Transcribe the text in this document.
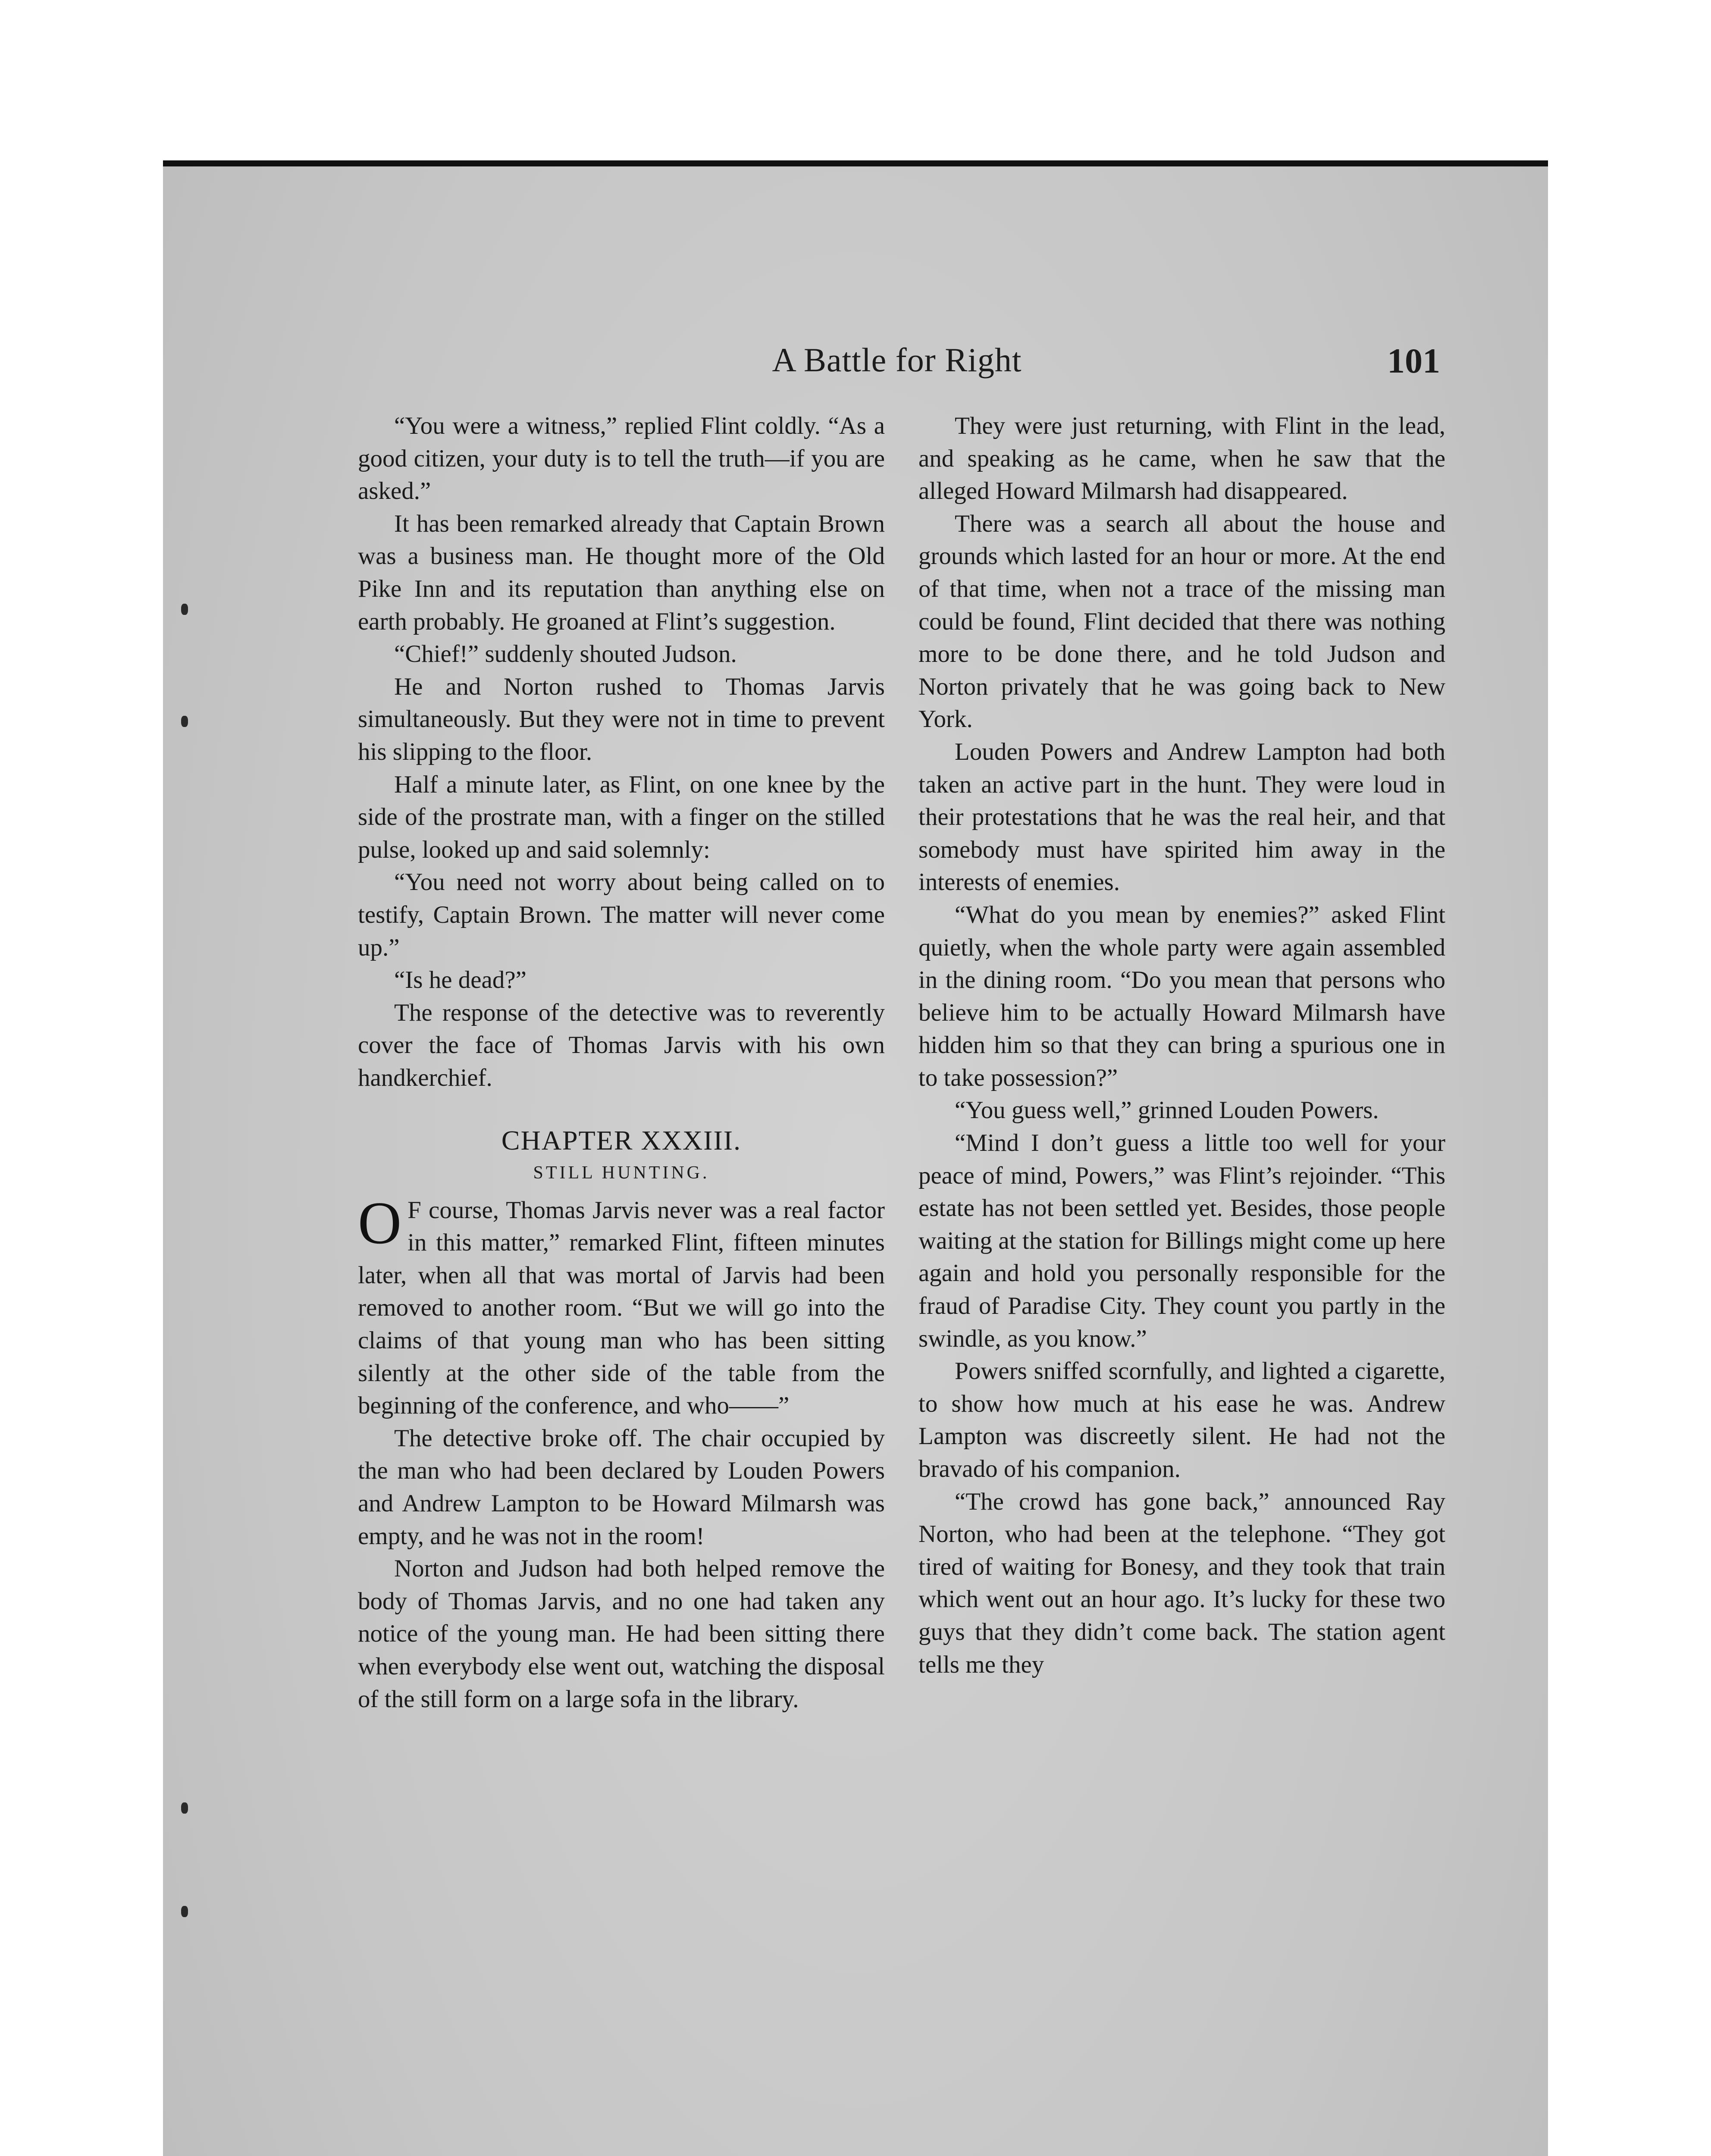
A Battle for Right	101

“You were a witness,” replied Flint coldly. “As a good citizen, your duty is to tell the truth—if you are asked.”

It has been remarked already that Captain Brown was a business man. He thought more of the Old Pike Inn and its reputation than anything else on earth probably. He groaned at Flint’s suggestion.

“Chief!” suddenly shouted Judson.

He and Norton rushed to Thomas Jarvis simultaneously. But they were not in time to prevent his slipping to the floor.

Half a minute later, as Flint, on one knee by the side of the prostrate man, with a finger on the stilled pulse, looked up and said solemnly:

“You need not worry about being called on to testify, Captain Brown. The matter will never come up.”

“Is he dead?”

The response of the detective was to reverently cover the face of Thomas Jarvis with his own handkerchief.

CHAPTER XXXIII.

STILL HUNTING.

O F course, Thomas Jarvis never was a real factor in this matter,” remarked Flint, fifteen minutes later, when all that was mortal of Jarvis had been removed to another room. “But we will go into the claims of that young man who has been sitting silently at the other side of the table from the beginning of the conference, and who——”

The detective broke off. The chair occupied by the man who had been declared by Louden Powers and Andrew Lampton to be Howard Milmarsh was empty, and he was not in the room!

Norton and Judson had both helped remove the body of Thomas Jarvis, and no one had taken any notice of the young man. He had been sitting there when everybody else went out, watching the disposal of the still form on a large sofa in the library.

They were just returning, with Flint in the lead, and speaking as he came, when he saw that the alleged Howard Milmarsh had disappeared.

There was a search all about the house and grounds which lasted for an hour or more. At the end of that time, when not a trace of the missing man could be found, Flint decided that there was nothing more to be done there, and he told Judson and Norton privately that he was going back to New York.

Louden Powers and Andrew Lampton had both taken an active part in the hunt. They were loud in their protestations that he was the real heir, and that somebody must have spirited him away in the interests of enemies.

“What do you mean by enemies?” asked Flint quietly, when the whole party were again assembled in the dining room. “Do you mean that persons who believe him to be actually Howard Milmarsh have hidden him so that they can bring a spurious one in to take possession?”

“You guess well,” grinned Louden Powers.

“Mind I don’t guess a little too well for your peace of mind, Powers,” was Flint’s rejoinder. “This estate has not been settled yet. Besides, those people waiting at the station for Billings might come up here again and hold you personally responsible for the fraud of Paradise City. They count you partly in the swindle, as you know.”

Powers sniffed scornfully, and lighted a cigarette, to show how much at his ease he was. Andrew Lampton was discreetly silent. He had not the bravado of his companion.

“The crowd has gone back,” announced Ray Norton, who had been at the telephone. “They got tired of waiting for Bonesy, and they took that train which went out an hour ago. It’s lucky for these two guys that they didn’t come back. The station agent tells me they
